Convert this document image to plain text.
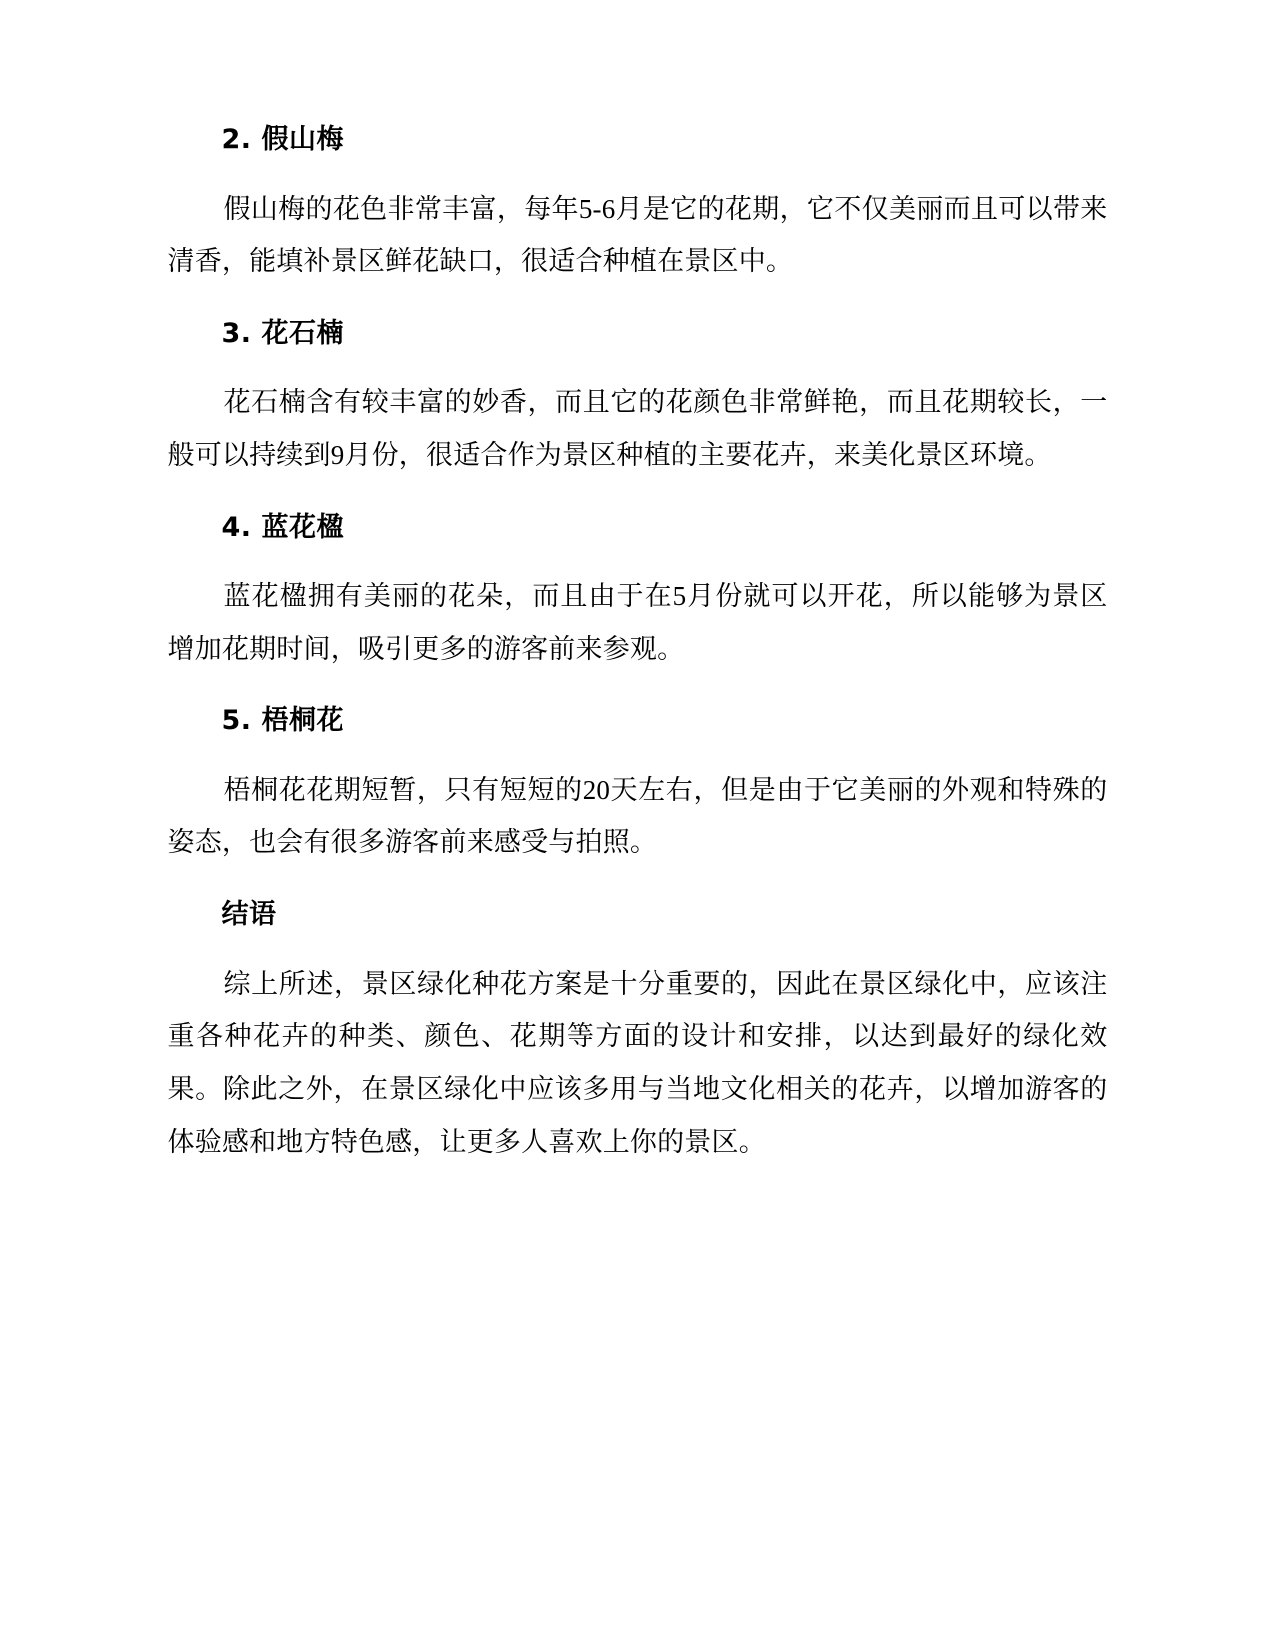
2. 假山梅

假山梅的花色非常丰富，每年5-6月是它的花期，它不仅美丽而且可以带来清香，能填补景区鲜花缺口，很适合种植在景区中。

3. 花石楠

花石楠含有较丰富的妙香，而且它的花颜色非常鲜艳，而且花期较长，一般可以持续到9月份，很适合作为景区种植的主要花卉，来美化景区环境。

4. 蓝花楹

蓝花楹拥有美丽的花朵，而且由于在5月份就可以开花，所以能够为景区增加花期时间，吸引更多的游客前来参观。

5. 梧桐花

梧桐花花期短暂，只有短短的20天左右，但是由于它美丽的外观和特殊的姿态，也会有很多游客前来感受与拍照。

结语

综上所述，景区绿化种花方案是十分重要的，因此在景区绿化中，应该注重各种花卉的种类、颜色、花期等方面的设计和安排，以达到最好的绿化效果。除此之外，在景区绿化中应该多用与当地文化相关的花卉，以增加游客的体验感和地方特色感，让更多人喜欢上你的景区。
